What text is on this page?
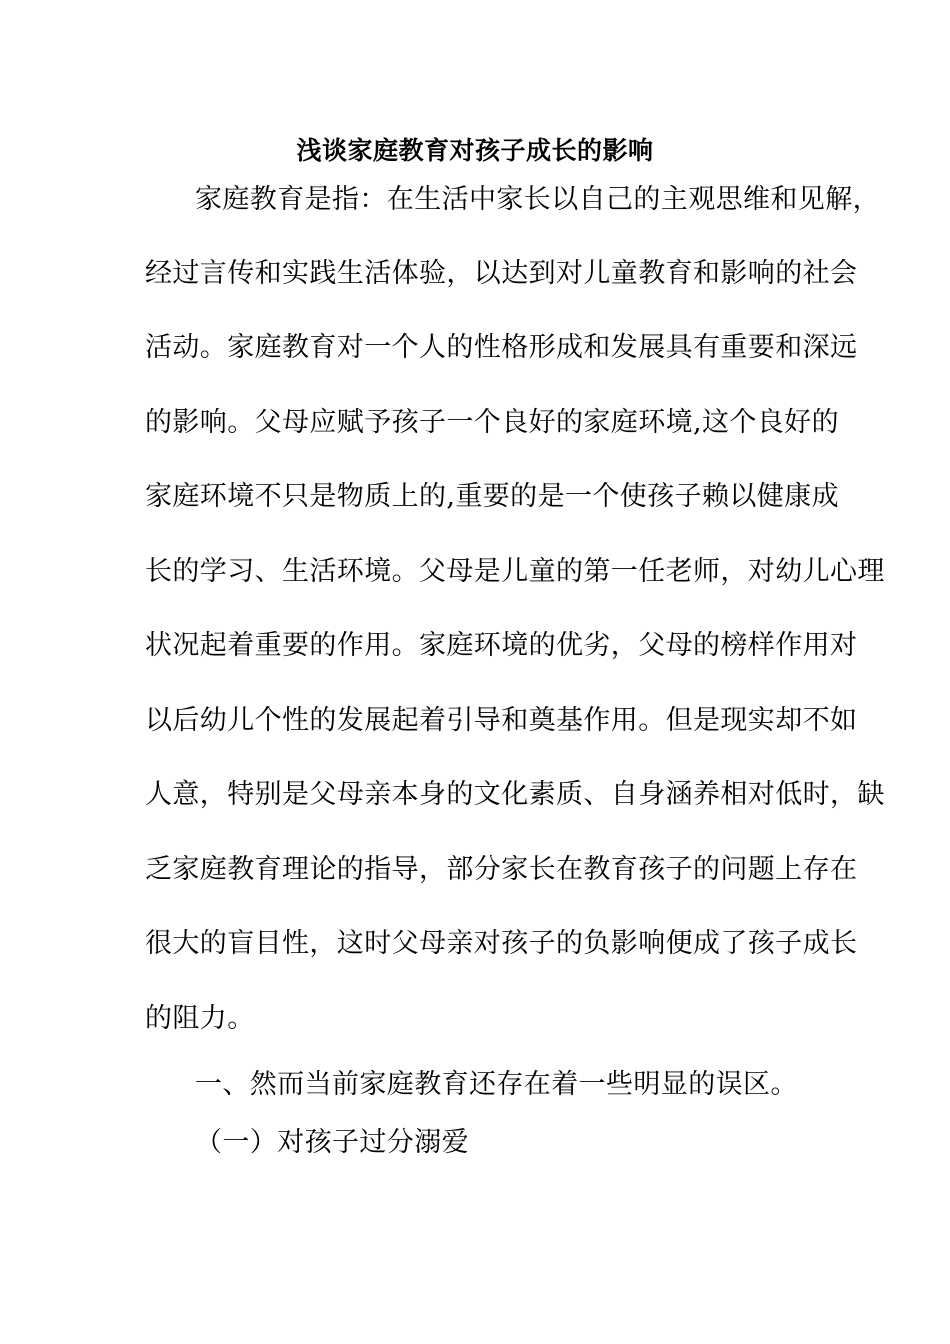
浅谈家庭教育对孩子成长的影响
家庭教育是指：在生活中家长以自己的主观思维和见解，
经过言传和实践生活体验，以达到对儿童教育和影响的社会
活动。家庭教育对一个人的性格形成和发展具有重要和深远
的影响。父母应赋予孩子一个良好的家庭环境,这个良好的
家庭环境不只是物质上的,重要的是一个使孩子赖以健康成
长的学习、生活环境。父母是儿童的第一任老师，对幼儿心理
状况起着重要的作用。家庭环境的优劣，父母的榜样作用对
以后幼儿个性的发展起着引导和奠基作用。但是现实却不如
人意，特别是父母亲本身的文化素质、自身涵养相对低时，缺
乏家庭教育理论的指导，部分家长在教育孩子的问题上存在
很大的盲目性，这时父母亲对孩子的负影响便成了孩子成长
的阻力。
一、然而当前家庭教育还存在着一些明显的误区。
（一）对孩子过分溺爱
